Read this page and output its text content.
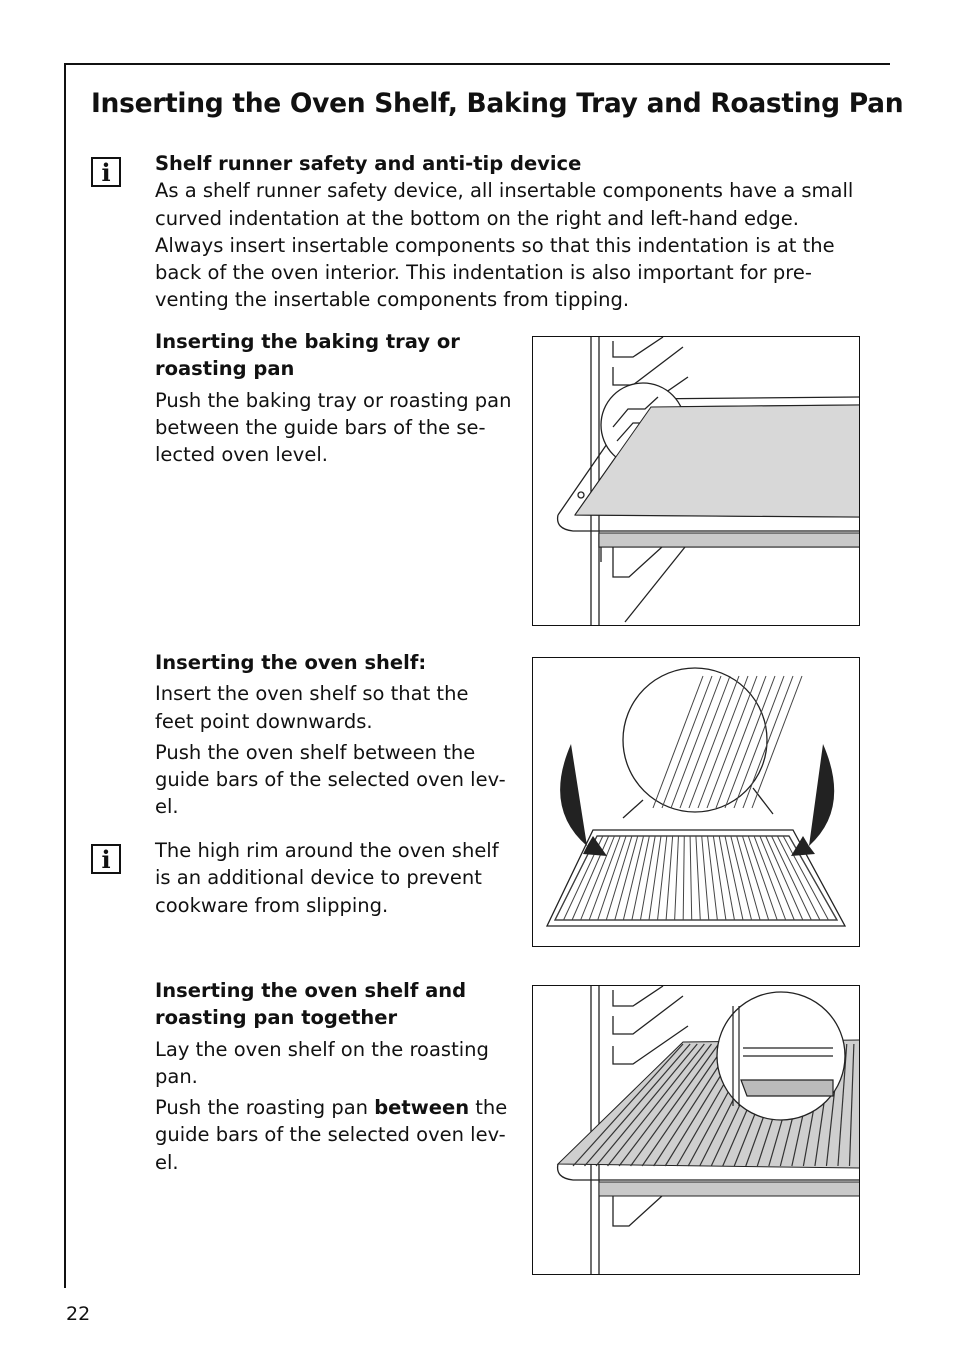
Inserting the Oven Shelf, Baking Tray and Roasting Pan
i	Shelf runner safety and anti-tip device

As a shelf runner safety device, all insertable components have a small

curved indentation at the bottom on the right and left-hand edge.

Always insert insertable components so that this indentation is at the

back of the oven interior. This indentation is also important for pre-

venting the insertable components from tipping.

Inserting the baking tray or

roasting pan

Push the baking tray or roasting pan

between the guide bars of the se-

lected oven level.

Inserting the oven shelf:

Insert the oven shelf so that the

feet point downwards.

Push the oven shelf between the

guide bars of the selected oven lev-

el.

i	The high rim around the oven shelf

is an additional device to prevent

cookware from slipping.

Inserting the oven shelf and

roasting pan together

Lay the oven shelf on the roasting

pan.

Push the roasting pan between the

guide bars of the selected oven lev-

el.

22
